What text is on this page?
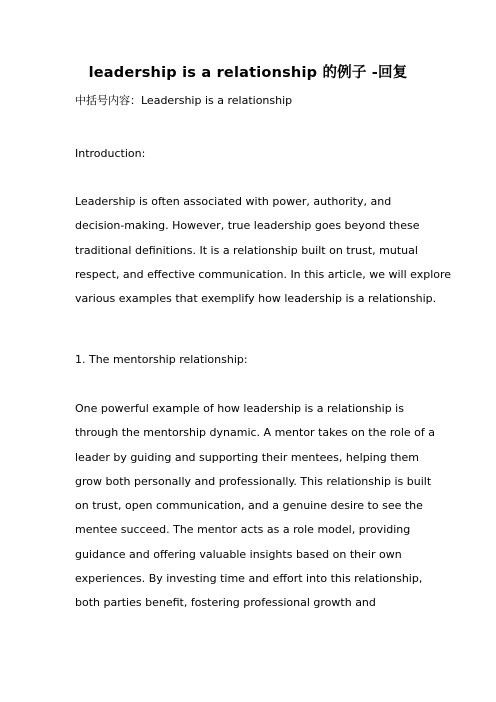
leadership is a relationship 的例子 -回复
中括号内容：Leadership is a relationship
Introduction:
Leadership is often associated with power, authority, and
decision-making. However, true leadership goes beyond these
traditional definitions. It is a relationship built on trust, mutual
respect, and effective communication. In this article, we will explore
various examples that exemplify how leadership is a relationship.
1. The mentorship relationship:
One powerful example of how leadership is a relationship is
through the mentorship dynamic. A mentor takes on the role of a
leader by guiding and supporting their mentees, helping them
grow both personally and professionally. This relationship is built
on trust, open communication, and a genuine desire to see the
mentee succeed. The mentor acts as a role model, providing
guidance and offering valuable insights based on their own
experiences. By investing time and effort into this relationship,
both parties benefit, fostering professional growth and
